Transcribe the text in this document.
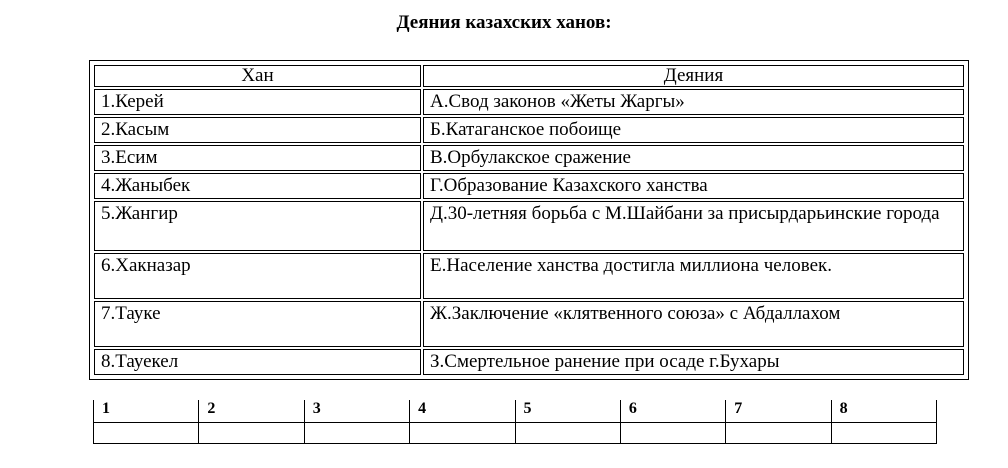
Деяния казахских ханов:
Хан	Деяния
1.Керей	А.Свод законов «Жеты Жаргы»
2.Касым	Б.Катаганское побоище
3.Есим	В.Орбулакское сражение
4.Жаныбек	Г.Образование Казахского ханства
5.Жангир	Д.30-летняя борьба с М.Шайбани за присырдарьинские города
6.Хакназар	Е.Население ханства достигла миллиона человек.
7.Тауке	Ж.Заключение «клятвенного союза» с Абдаллахом
8.Тауекел	З.Смертельное ранение при осаде г.Бухары
1	2	3	4	5	6	7	8
